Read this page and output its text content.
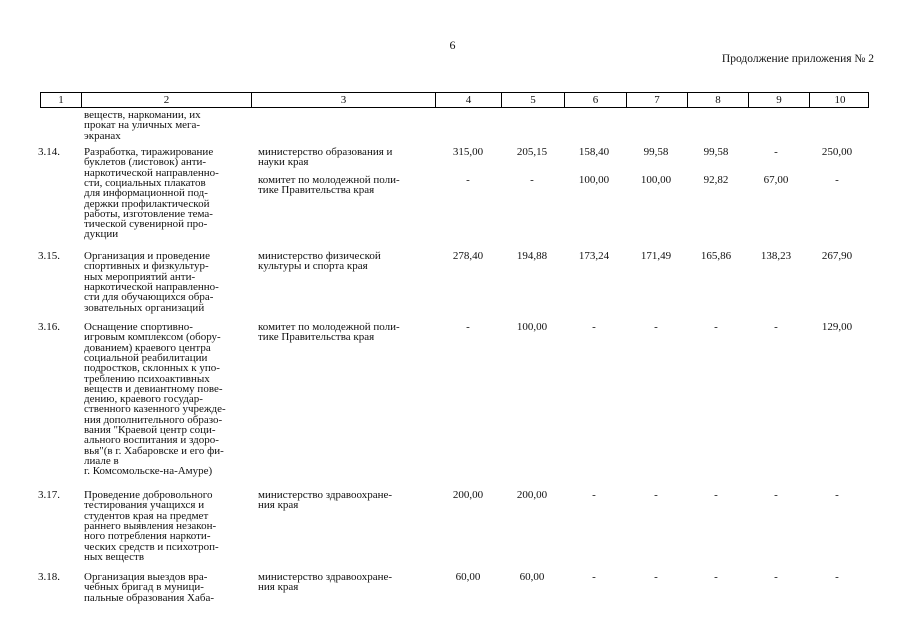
6
Продолжение приложения № 2
1	2	3	4	5	6	7	8	9	10
веществ, наркомании, их
прокат на уличных мега-
экранах
3.14. Разработка, тиражирование
буклетов (листовок) анти-
наркотической направленно-
сти, социальных плакатов
для информационной под-
держки профилактической
работы, изготовление тема-
тической сувенирной про-
дукции
министерство образования и
науки края
315,00	205,15	158,40	99,58	99,58	-	250,00
комитет по молодежной поли-
тике Правительства края
-	-	100,00	100,00	92,82	67,00	-
3.15. Организация и проведение
спортивных и физкультур-
ных мероприятий анти-
наркотической направленно-
сти для обучающихся обра-
зовательных организаций
министерство физической
культуры и спорта края
278,40	194,88	173,24	171,49	165,86	138,23	267,90
3.16. Оснащение спортивно-
игровым комплексом (обору-
дованием) краевого центра
социальной реабилитации
подростков, склонных к упо-
треблению психоактивных
веществ и девиантному пове-
дению, краевого государ-
ственного казенного учрежде-
ния дополнительного образо-
вания "Краевой центр соци-
ального воспитания и здоро-
вья"(в г. Хабаровске и его фи-
лиале в
г. Комсомольске-на-Амуре)
комитет по молодежной поли-
тике Правительства края
-	100,00	-	-	-	-	129,00
3.17. Проведение добровольного
тестирования учащихся и
студентов края на предмет
раннего выявления незакон-
ного потребления наркоти-
ческих средств и психотроп-
ных веществ
министерство здравоохране-
ния края
200,00	200,00	-	-	-	-	-
3.18. Организация выездов вра-
чебных бригад в муници-
пальные образования Хаба-
министерство здравоохране-
ния края
60,00	60,00	-	-	-	-	-
